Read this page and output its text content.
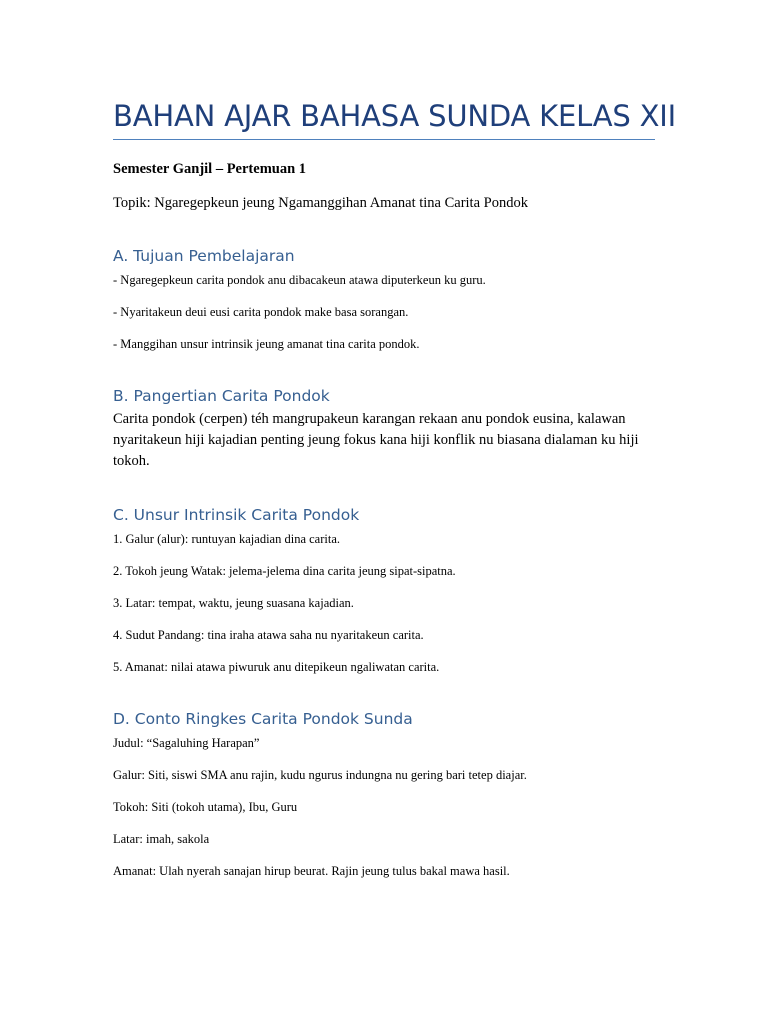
BAHAN AJAR BAHASA SUNDA KELAS XII

Semester Ganjil – Pertemuan 1

Topik: Ngaregepkeun jeung Ngamanggihan Amanat tina Carita Pondok

A. Tujuan Pembelajaran

- Ngaregepkeun carita pondok anu dibacakeun atawa diputerkeun ku guru.

- Nyaritakeun deui eusi carita pondok make basa sorangan.

- Manggihan unsur intrinsik jeung amanat tina carita pondok.

B. Pangertian Carita Pondok

Carita pondok (cerpen) téh mangrupakeun karangan rekaan anu pondok eusina, kalawan nyaritakeun hiji kajadian penting jeung fokus kana hiji konflik nu biasana dialaman ku hiji tokoh.

C. Unsur Intrinsik Carita Pondok

1. Galur (alur): runtuyan kajadian dina carita.

2. Tokoh jeung Watak: jelema-jelema dina carita jeung sipat-sipatna.

3. Latar: tempat, waktu, jeung suasana kajadian.

4. Sudut Pandang: tina iraha atawa saha nu nyaritakeun carita.

5. Amanat: nilai atawa piwuruk anu ditepikeun ngaliwatan carita.

D. Conto Ringkes Carita Pondok Sunda

Judul: “Sagaluhing Harapan”

Galur: Siti, siswi SMA anu rajin, kudu ngurus indungna nu gering bari tetep diajar.

Tokoh: Siti (tokoh utama), Ibu, Guru

Latar: imah, sakola

Amanat: Ulah nyerah sanajan hirup beurat. Rajin jeung tulus bakal mawa hasil.
